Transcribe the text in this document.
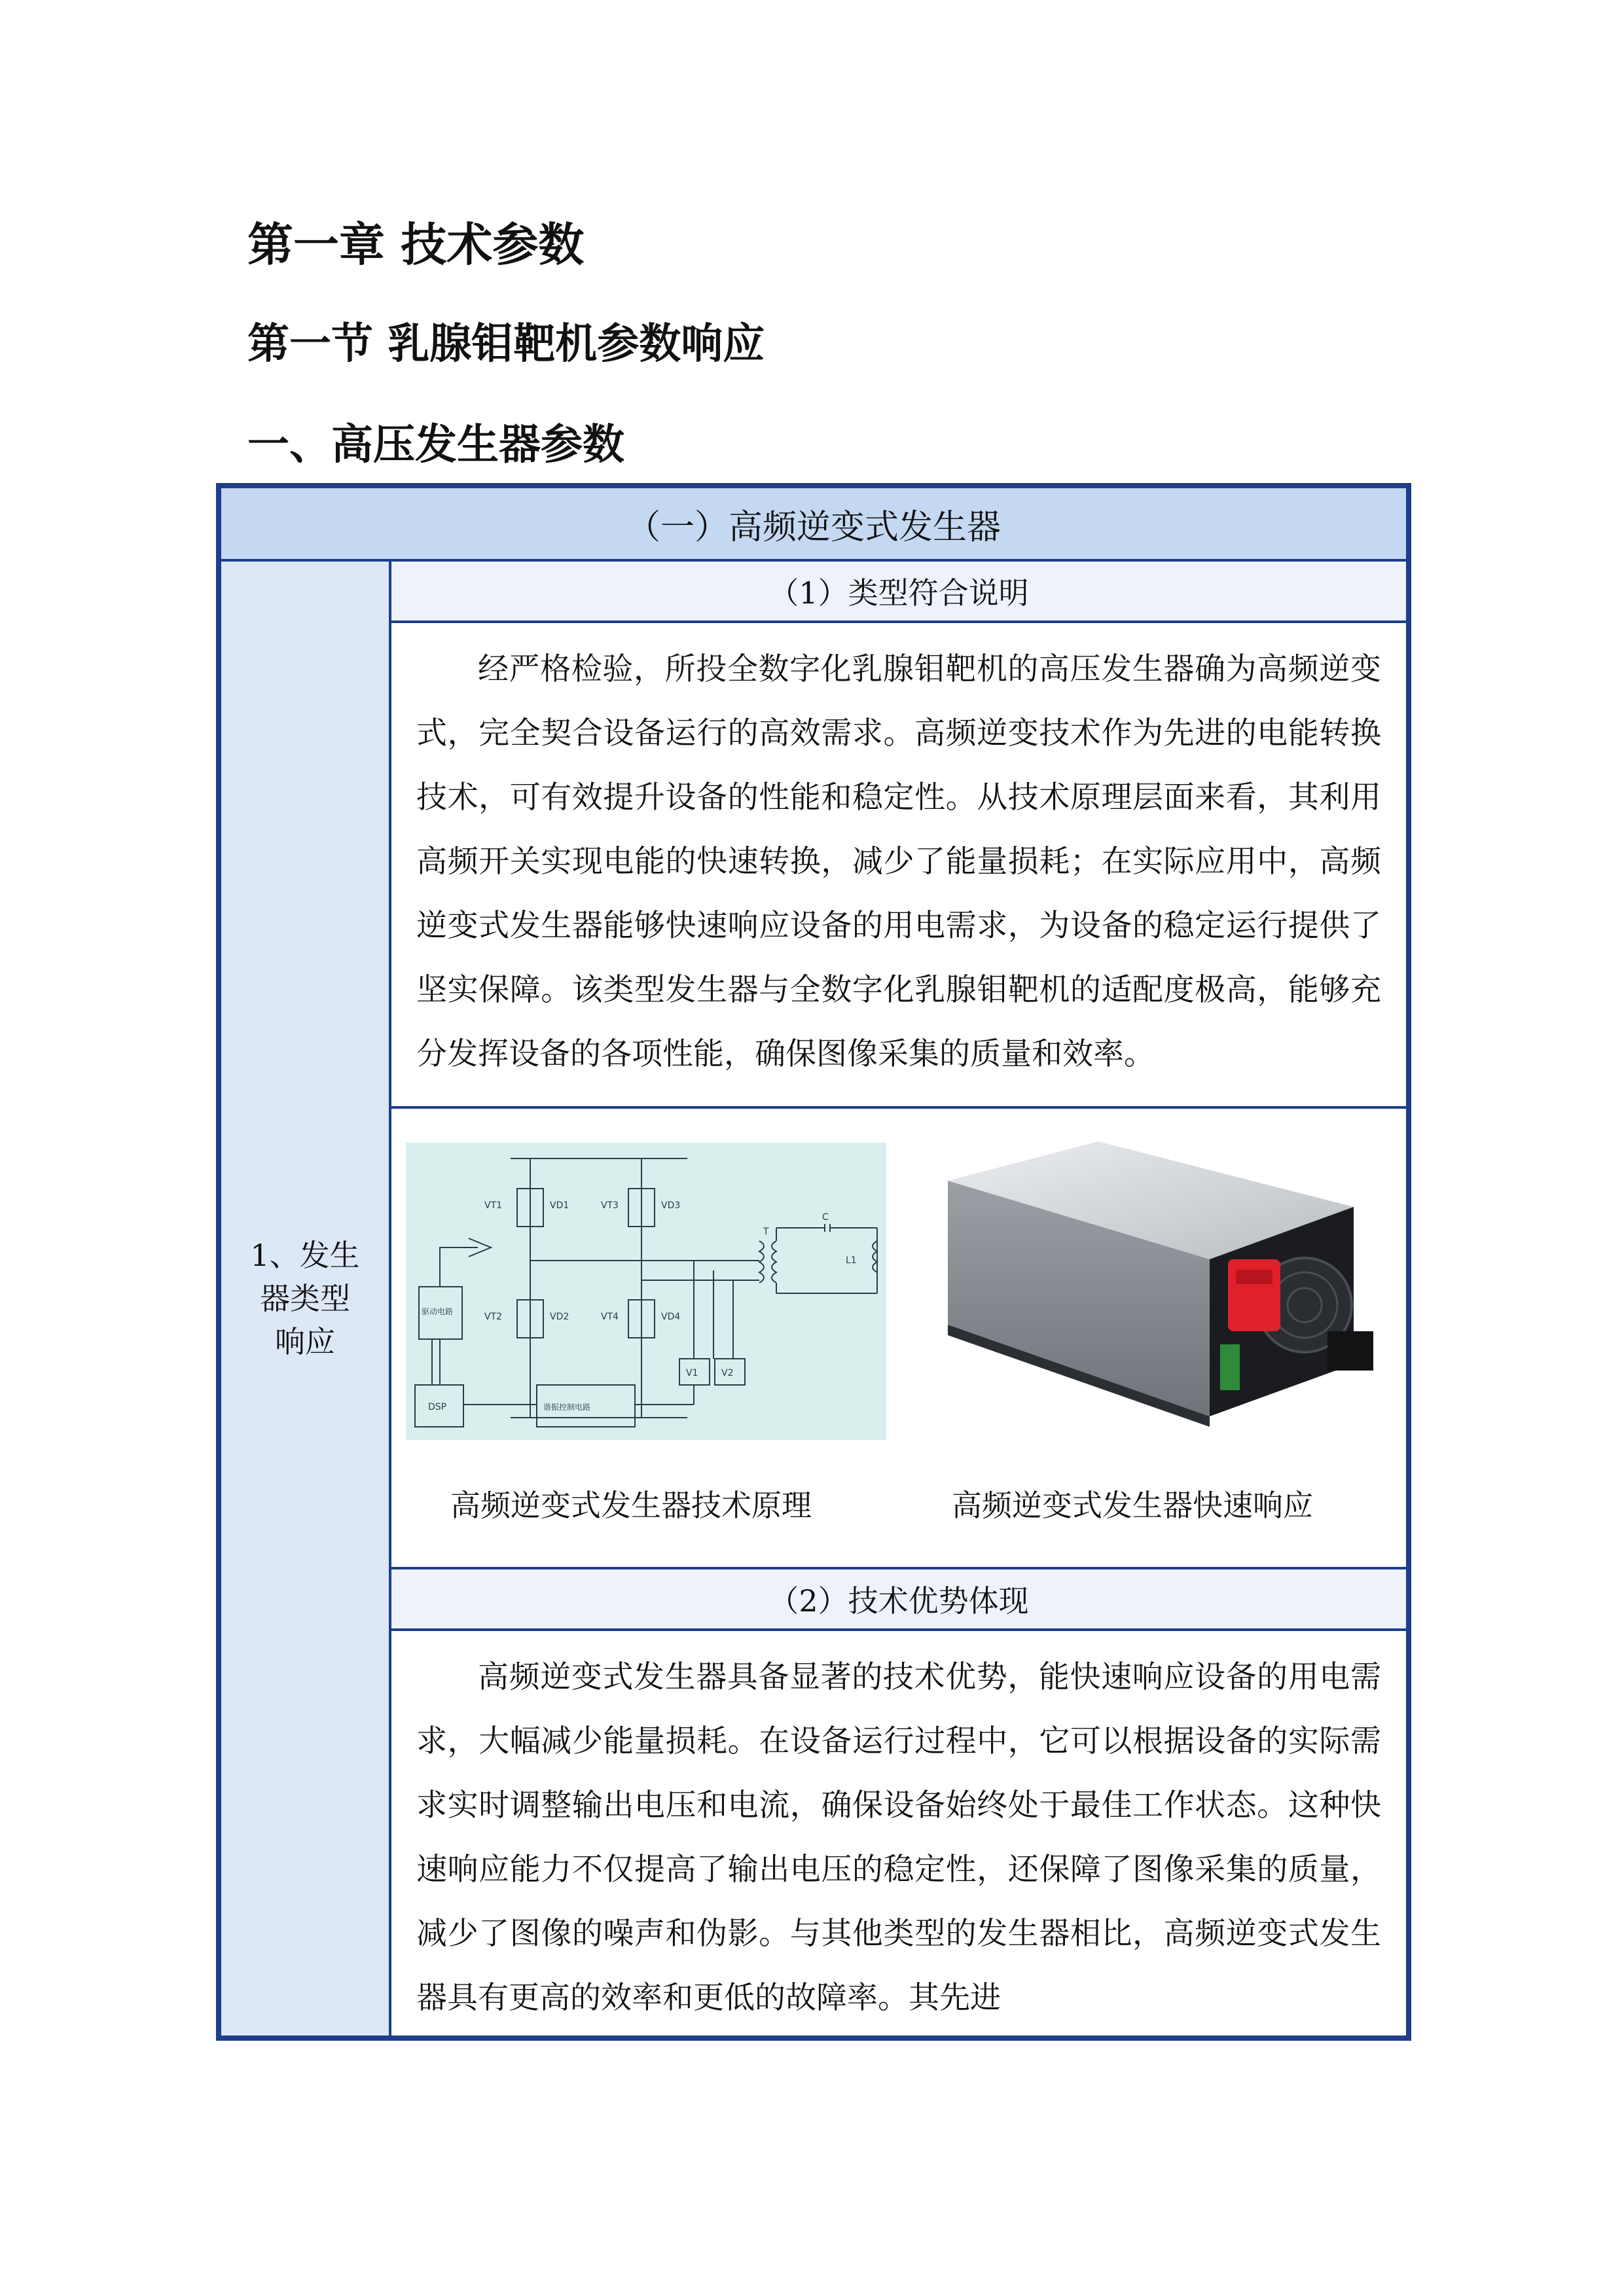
第一章 技术参数
第一节 乳腺钼靶机参数响应
一、高压发生器参数
（一）高频逆变式发生器

1、发生
器类型
响应
	（1）类型符合说明
经严格检验，所投全数字化乳腺钼靶机的高压发生器确为高频逆变式，完全契合设备运行的高效需求。高频逆变技术作为先进的电能转换技术，可有效提升设备的性能和稳定性。从技术原理层面来看，其利用高频开关实现电能的快速转换，减少了能量损耗；在实际应用中，高频逆变式发生器能够快速响应设备的用电需求，为设备的稳定运行提供了坚实保障。该类型发生器与全数字化乳腺钼靶机的适配度极高，能够充分发挥设备的各项性能，确保图像采集的质量和效率。

VT1	VD1	VT3	VD3
VT2	VD2	VT4	VD4
C
T
L1
驱动电路
DSP	谐振控制电路
V1	V2
高频逆变式发生器技术原理	高频逆变式发生器快速响应

（2）技术优势体现
高频逆变式发生器具备显著的技术优势，能快速响应设备的用电需求，大幅减少能量损耗。在设备运行过程中，它可以根据设备的实际需求实时调整输出电压和电流，确保设备始终处于最佳工作状态。这种快速响应能力不仅提高了输出电压的稳定性，还保障了图像采集的质量，减少了图像的噪声和伪影。与其他类型的发生器相比，高频逆变式发生器具有更高的效率和更低的故障率。其先进
